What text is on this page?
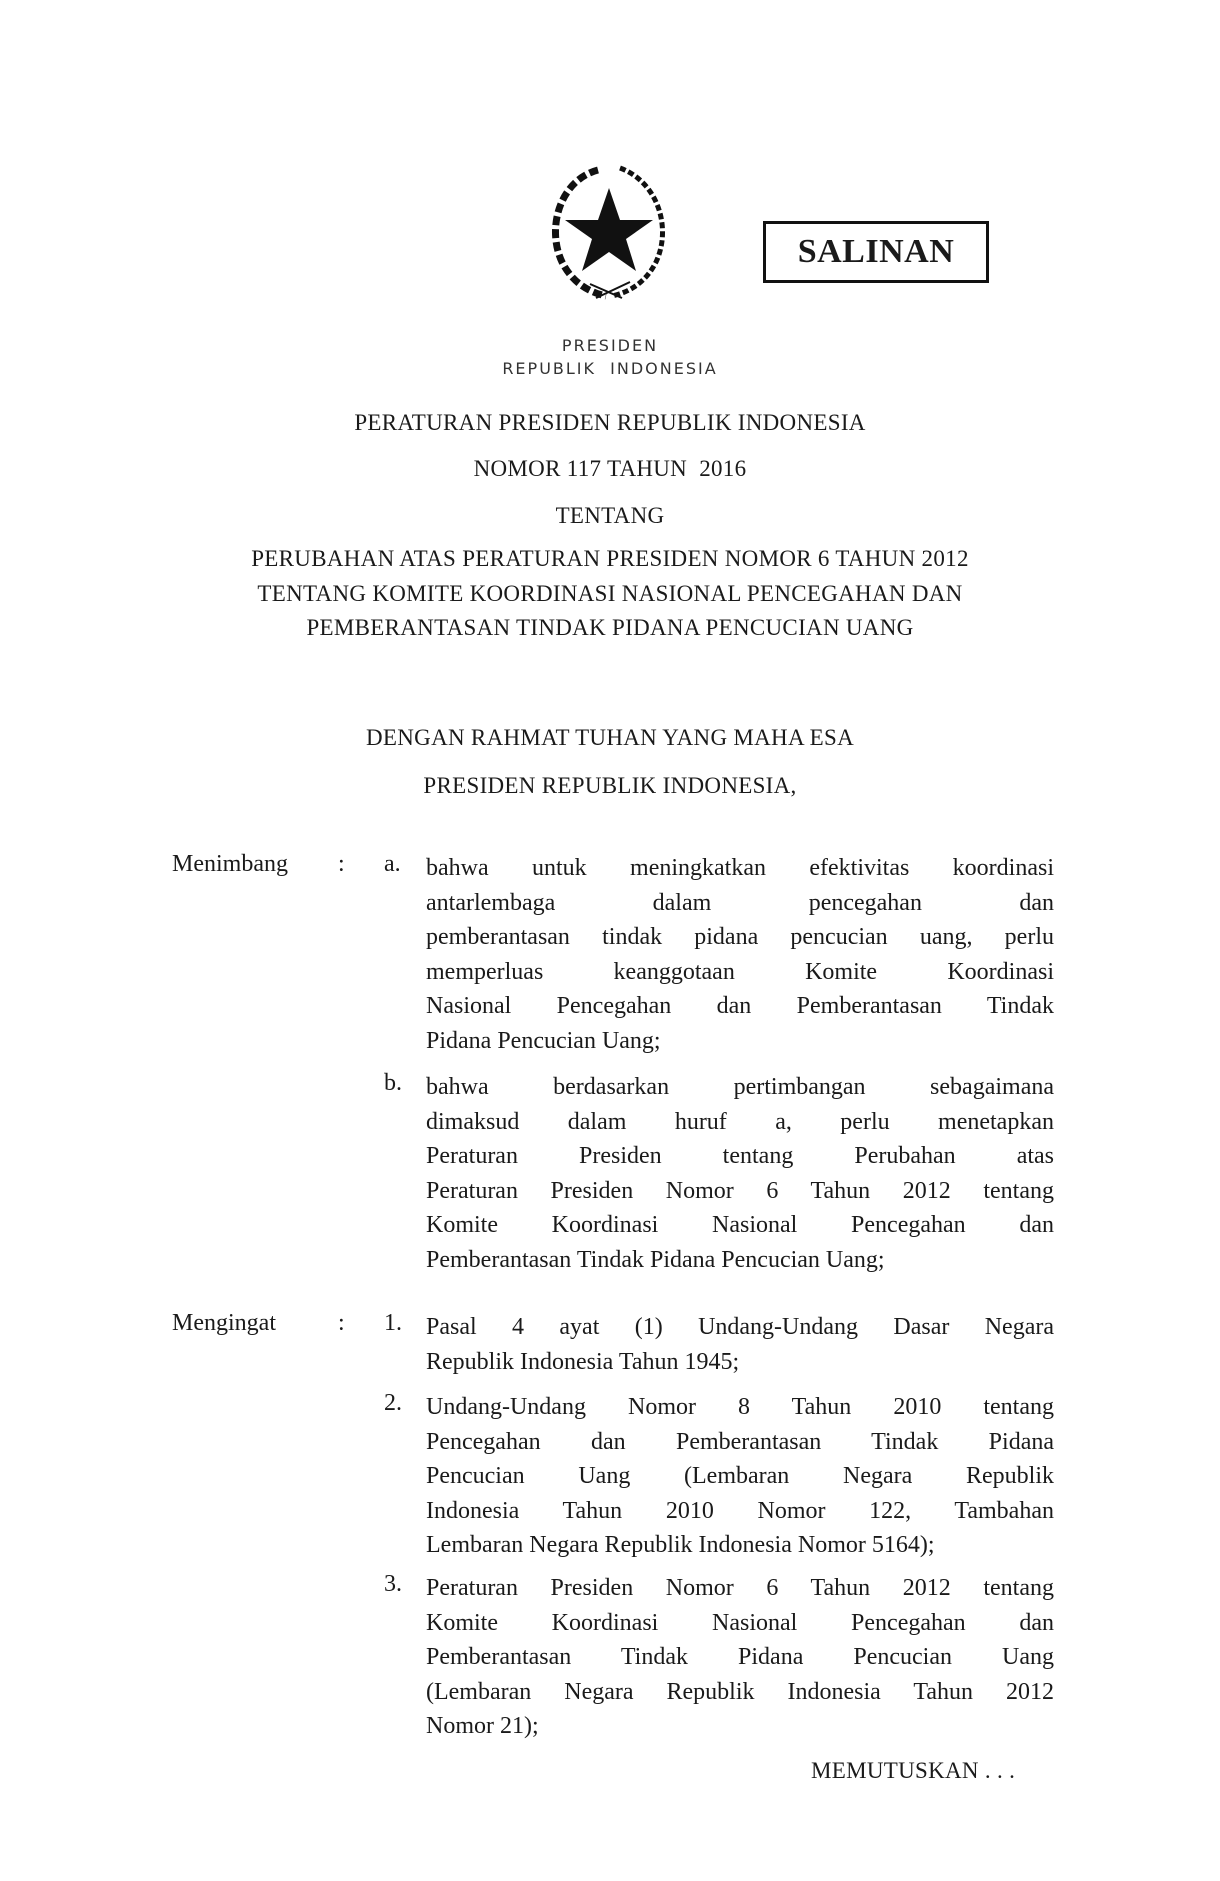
SALINAN
PRESIDEN
REPUBLIK  INDONESIA
PERATURAN PRESIDEN REPUBLIK INDONESIA
NOMOR 117 TAHUN  2016
TENTANG
PERUBAHAN ATAS PERATURAN PRESIDEN NOMOR 6 TAHUN 2012
TENTANG KOMITE KOORDINASI NASIONAL PENCEGAHAN DAN
PEMBERANTASAN TINDAK PIDANA PENCUCIAN UANG
DENGAN RAHMAT TUHAN YANG MAHA ESA
PRESIDEN REPUBLIK INDONESIA,
Menimbang : a. bahwa untuk meningkatkan efektivitas koordinasi
antarlembaga dalam pencegahan dan
pemberantasan tindak pidana pencucian uang, perlu
memperluas keanggotaan Komite Koordinasi
Nasional Pencegahan dan Pemberantasan Tindak
Pidana Pencucian Uang;
b. bahwa berdasarkan pertimbangan sebagaimana
dimaksud dalam huruf a, perlu menetapkan
Peraturan Presiden tentang Perubahan atas
Peraturan Presiden Nomor 6 Tahun 2012 tentang
Komite Koordinasi Nasional Pencegahan dan
Pemberantasan Tindak Pidana Pencucian Uang;
Mengingat	: 1. Pasal 4 ayat (1) Undang-Undang Dasar Negara
Republik Indonesia Tahun 1945;
2. Undang-Undang Nomor 8 Tahun 2010 tentang
Pencegahan dan Pemberantasan Tindak Pidana
Pencucian Uang (Lembaran Negara Republik
Indonesia Tahun 2010 Nomor 122, Tambahan
Lembaran Negara Republik Indonesia Nomor 5164);
3. Peraturan Presiden Nomor 6 Tahun 2012 tentang
Komite Koordinasi Nasional Pencegahan dan
Pemberantasan Tindak Pidana Pencucian Uang
(Lembaran Negara Republik Indonesia Tahun 2012
Nomor 21);
MEMUTUSKAN . . .
